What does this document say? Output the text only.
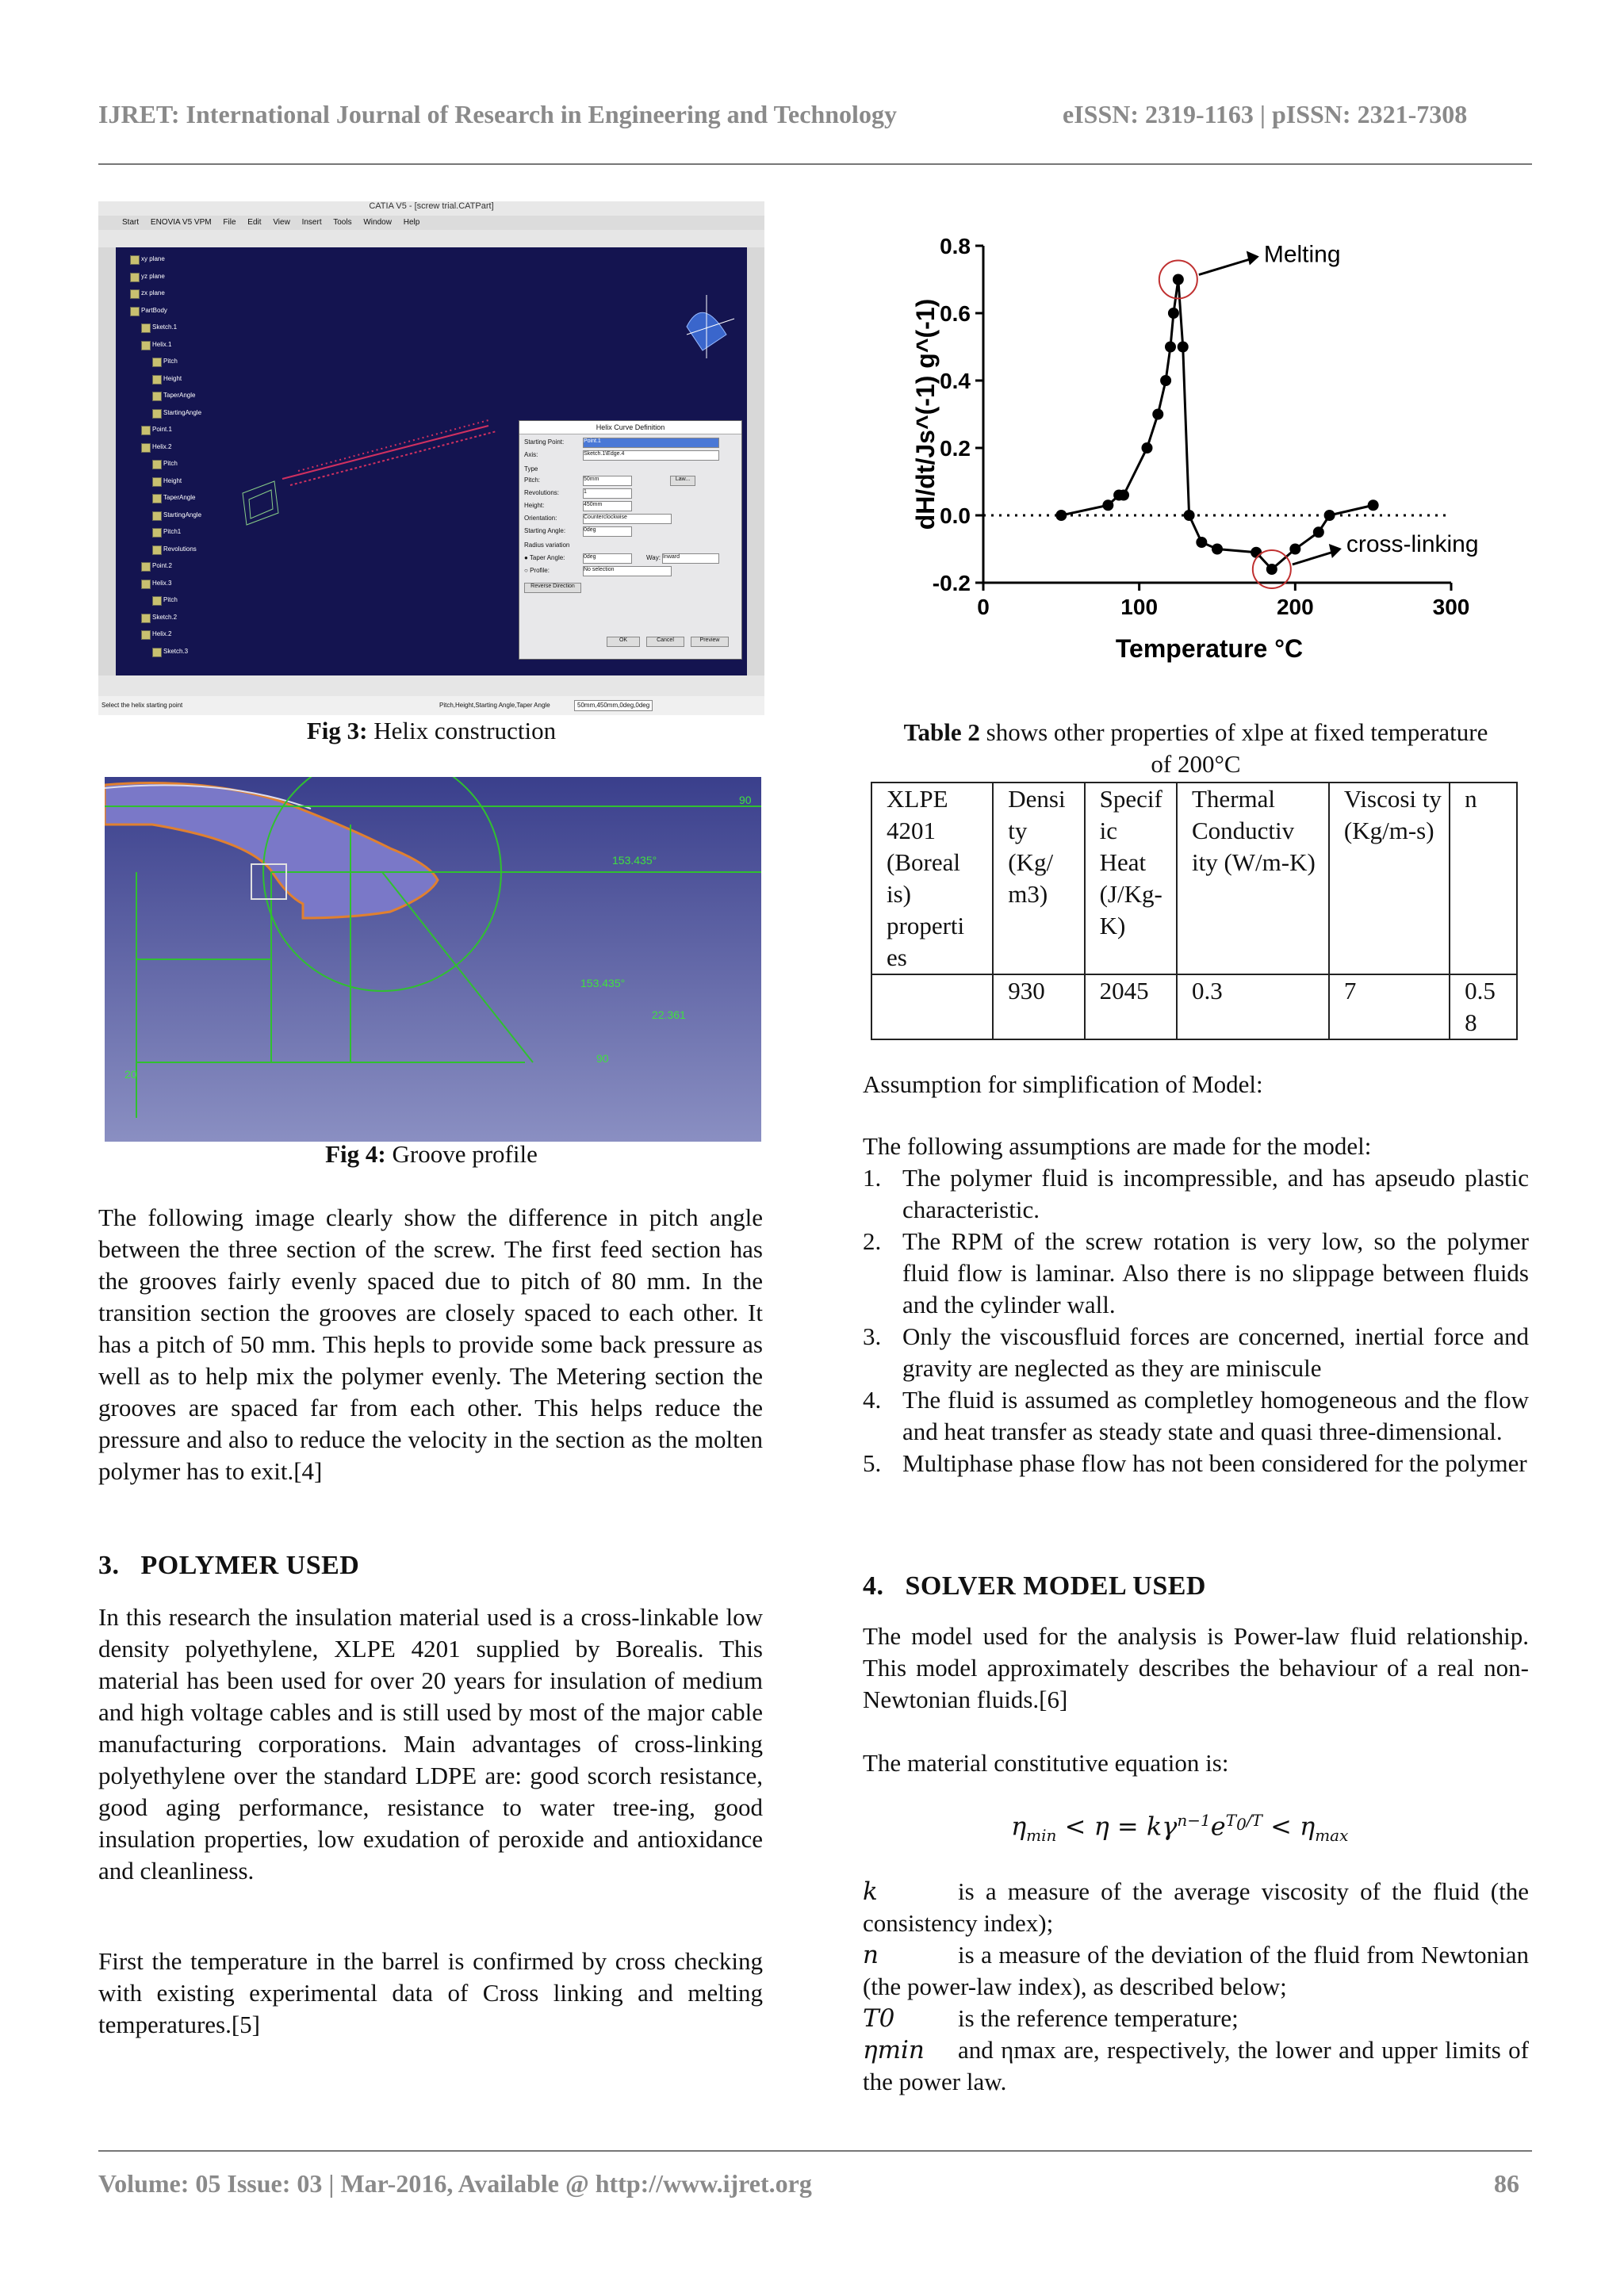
IJRET: International Journal of Research in Engineering and Technology	eISSN: 2319-1163 | pISSN: 2321-7308
CATIA V5 - [screw trial.CATPart]
Start ENOVIA V5 VPM File Edit View Insert Tools Window Help
Select the helix starting point	Pitch,Height,Starting Angle,Taper Angle	50mm,450mm,0deg,0deg
xy plane
yz plane
zx plane
PartBody
Sketch.1
Helix.1
Pitch
Height
TaperAngle
StartingAngle
Point.1
Helix.2
Pitch
Height
TaperAngle
StartingAngle
Pitch1
Revolutions
Point.2
Helix.3
Pitch
Sketch.2
Helix.2
Sketch.3
Helix Curve Definition
Starting Point:	Point.1
Axis:	Sketch.1\Edge.4
Type
Pitch:	50mm	Law...
Revolutions:	1
Height:	450mm
Orientation:	Counterclockwise
Starting Angle:	0deg
Radius variation
● Taper Angle:	0deg	Way: Inward
○ Profile:	No selection
Reverse Direction
OK	Cancel	Preview
Fig 3: Helix construction
90
153.435°
153.435°
22.361
90
20
Fig 4: Groove profile
The following image clearly show the difference in pitch angle between the three section of the screw. The first feed section has the grooves fairly evenly spaced due to pitch of 80 mm. In the transition section the grooves are closely spaced to each other. It has a pitch of 50 mm. This hepls to provide some back pressure as well as to help mix the polymer evenly. The Metering section the grooves are spaced far from each other. This helps reduce the pressure and also to reduce the velocity in the section as the molten polymer has to exit.[4]
3.   POLYMER USED
In this research the insulation material used is a cross-linkable low density polyethylene, XLPE 4201 supplied by Borealis. This material has been used for over 20 years for insulation of medium and high voltage cables and is still used by most of the major cable manufacturing corporations. Main advantages of cross-linking polyethylene over the standard LDPE are: good scorch resistance, good aging performance, resistance to water tree-ing, good insulation properties, low exudation of peroxide and antioxidance and cleanliness.
First the temperature in the barrel is confirmed by cross checking with existing experimental data of Cross linking and melting temperatures.[5]
-0.2
0.0
0.2
0.4
0.6
0.8
0	100	200	300
Temperature °C
dH/dt/Js^(-1) g^(-1)
Melting
cross-linking
Table 2 shows other properties of xlpe at fixed temperature
of 200°C
XLPE 4201 (Boreal is) properti es	Densi ty (Kg/ m3)	Specif ic Heat (J/Kg-K)	Thermal Conductiv ity (W/m-K)	Viscosi ty (Kg/m-s)	n
	930	2045	0.3	7	0.5 8
Assumption for simplification of Model:
The following assumptions are made for the model:
1. The polymer fluid is incompressible, and has apseudo plastic characteristic.
2. The RPM of the screw rotation is very low, so the polymer fluid flow is laminar. Also there is no slippage between fluids and the cylinder wall.
3. Only the viscousfluid forces are concerned, inertial force and gravity are neglected as they are miniscule
4. The fluid is assumed as completley homogeneous and the flow and heat transfer as steady state and quasi three-dimensional.
5. Multiphase phase flow has not been considered for the polymer
4.   SOLVER MODEL USED
The model used for the analysis is Power-law fluid relationship. This model approximately describes the behaviour of a real non-Newtonian fluids.[6]
The material constitutive equation is:
$\eta_{min} < \eta = k\gamma^{n-1}e^{T_0/T} < \eta_{max}$
k	is a measure of the average viscosity of the fluid (the consistency index);
n	is a measure of the deviation of the fluid from Newtonian (the power-law index), as described below;
T0	is the reference temperature;
ηmin and ηmax are, respectively, the lower and upper limits of the power law.
Volume: 05 Issue: 03 | Mar-2016, Available @ http://www.ijret.org	86
